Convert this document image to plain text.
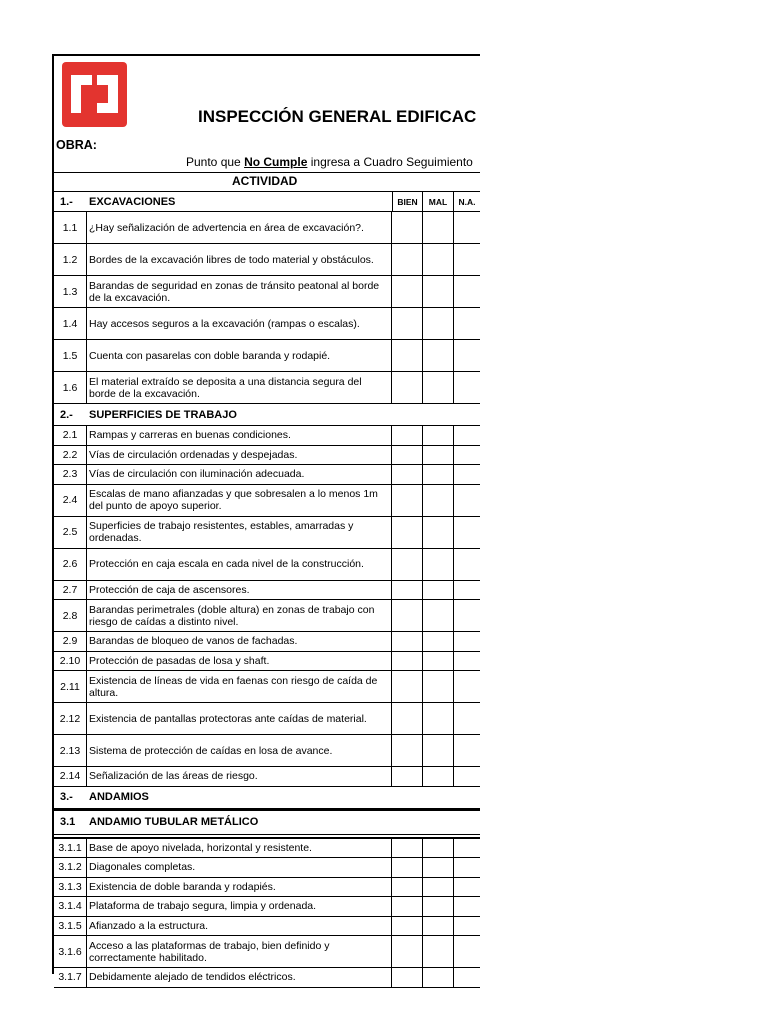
INSPECCIÓN GENERAL EDIFICAC
OBRA:
Punto que No Cumple ingresa a Cuadro Seguimiento
ACTIVIDAD
1.- EXCAVACIONES	BIEN	MAL	N.A.
1.1	¿Hay señalización de advertencia en área de excavación?.
1.2	Bordes de la excavación libres de todo material y obstáculos.
1.3	Barandas de seguridad en zonas de tránsito peatonal al borde de la excavación.
1.4	Hay accesos seguros a la excavación (rampas o escalas).
1.5	Cuenta con pasarelas con doble baranda y rodapié.
1.6	El material extraído se deposita a una distancia segura del borde de la excavación.
2.- SUPERFICIES DE TRABAJO
2.1	Rampas y carreras en buenas condiciones.
2.2	Vías de circulación ordenadas y despejadas.
2.3	Vías de circulación con iluminación adecuada.
2.4	Escalas de mano afianzadas y que sobresalen a lo menos 1m del punto de apoyo superior.
2.5	Superficies de trabajo resistentes, estables, amarradas y ordenadas.
2.6	Protección en caja escala en cada nivel de la construcción.
2.7	Protección de caja de ascensores.
2.8	Barandas perimetrales (doble altura) en zonas de trabajo con riesgo de caídas a distinto nivel.
2.9	Barandas de bloqueo de vanos de fachadas.
2.10 Protección de pasadas de losa y shaft.
2.11 Existencia de líneas de vida en faenas con riesgo de caída de altura.
2.12 Existencia de pantallas protectoras ante caídas de material.
2.13 Sistema de protección de caídas en losa de avance.
2.14 Señalización de las áreas de riesgo.
3.- ANDAMIOS
3.1 ANDAMIO TUBULAR METÁLICO
3.1.1 Base de apoyo nivelada, horizontal y resistente.
3.1.2 Diagonales completas.
3.1.3 Existencia de doble baranda y rodapiés.
3.1.4 Plataforma de trabajo segura, limpia y ordenada.
3.1.5 Afianzado a la estructura.
3.1.6 Acceso a las plataformas de trabajo, bien definido y correctamente habilitado.
3.1.7 Debidamente alejado de tendidos eléctricos.
